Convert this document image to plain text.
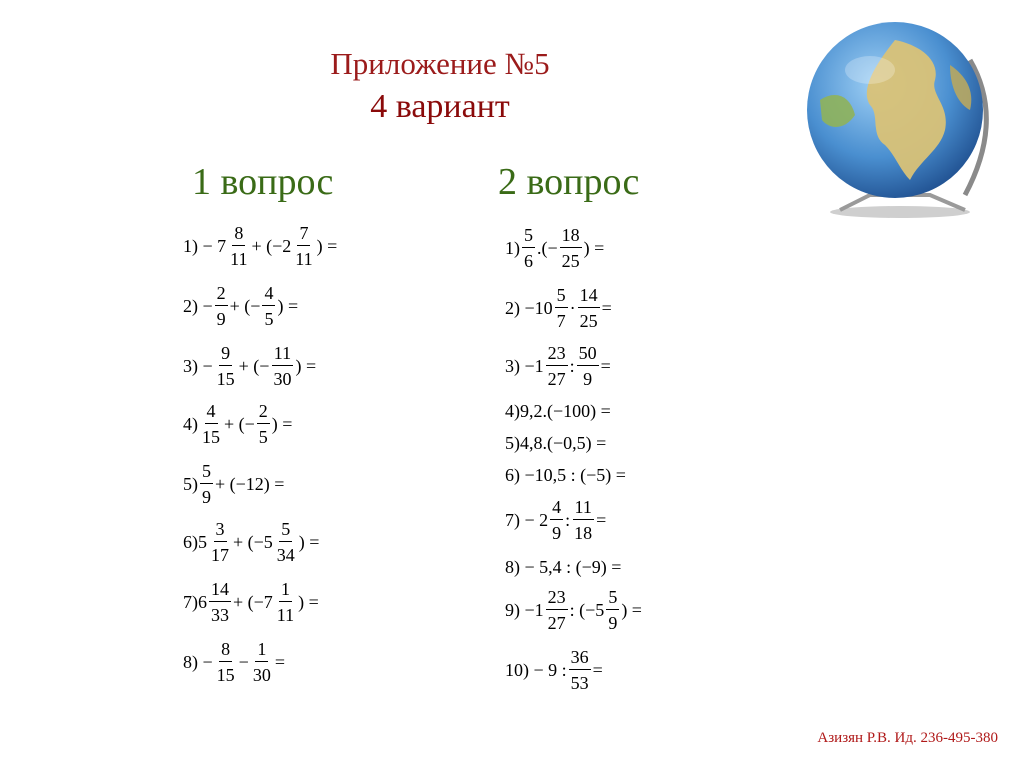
Приложение №5
4 вариант
1 вопрос	2 вопрос
$1) - 7 \frac{8}{11} + (-2 \frac{7}{11}$ ) =
$2) - \frac{2}{9}$ + (− $\frac{4}{5}$ ) =
$3) - \frac{9}{15}$ + (− $\frac{11}{30}$ ) =
$4) \frac{4}{15}$ + (− $\frac{2}{5}$ ) =
$5) \frac{5}{9} + (-12)$ =
$6)5 \frac{3}{17} + (-5 \frac{5}{34}$ ) =
$7)6 \frac{14}{33} + (-7 \frac{1}{11}$ ) =
$8) - \frac{8}{15} - \frac{1}{30}$ =
$1) \frac{5}{6}$ .(− $\frac{18}{25}$ ) =
$2) -10 \frac{5}{7} \cdot \frac{14}{25}$ =
$3) -1 \frac{23}{27}$ : $\frac{50}{9}$ =
4)9,2.(−100) =
5)4,8.(−0,5) =
6) −10,5 : (−5) =
$7) - 2 \frac{4}{9}$ : $\frac{11}{18}$ =
8) − 5,4 : (−9) =
$9) -1 \frac{23}{27}$ : ($-5 \frac{5}{9}$ ) =
10) − 9 : $\frac{36}{53}$ =
Азизян Р.В. Ид. 236-495-380
